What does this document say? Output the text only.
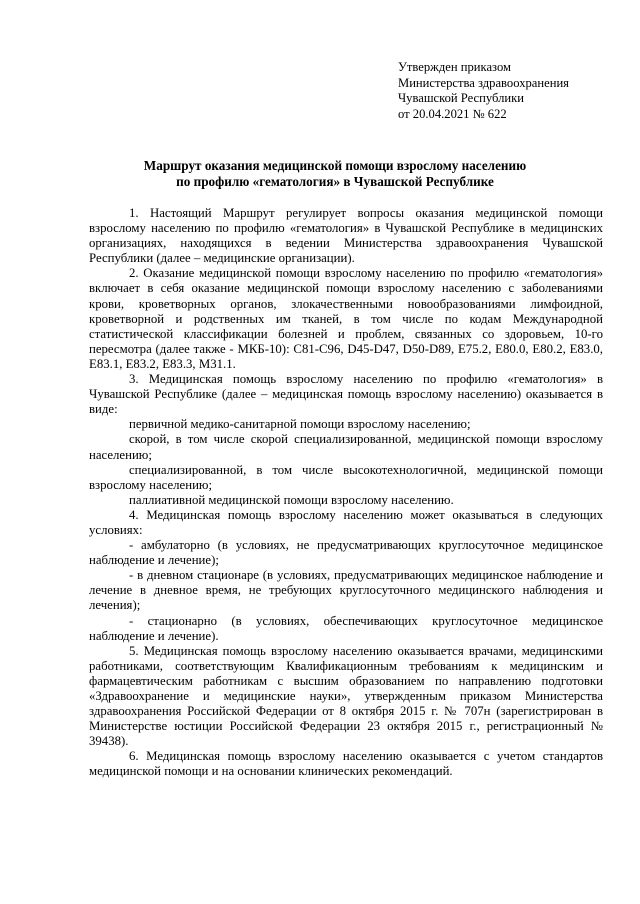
Утвержден приказом
Министерства здравоохранения
Чувашской Республики
от 20.04.2021 № 622
Маршрут оказания медицинской помощи взрослому населению
по профилю «гематология» в Чувашской Республике

1. Настоящий Маршрут регулирует вопросы оказания медицинской помощи взрослому населению по профилю «гематология» в Чувашской Республике в медицинских организациях, находящихся в ведении Министерства здравоохранения Чувашской Республики (далее – медицинские организации).

2. Оказание медицинской помощи взрослому населению по профилю «гематология» включает в себя оказание медицинской помощи взрослому населению с заболеваниями крови, кроветворных органов, злокачественными новообразованиями лимфоидной, кроветворной и родственных им тканей, в том числе по кодам Международной статистической классификации болезней и проблем, связанных со здоровьем, 10-го пересмотра (далее также - МКБ-10): C81-C96, D45-D47, D50-D89, E75.2, E80.0, E80.2, E83.0, E83.1, E83.2, E83.3, M31.1.

3. Медицинская помощь взрослому населению по профилю «гематология» в Чувашской Республике (далее – медицинская помощь взрослому населению) оказывается в виде:

первичной медико-санитарной помощи взрослому населению;

скорой, в том числе скорой специализированной, медицинской помощи взрослому населению;

специализированной, в том числе высокотехнологичной, медицинской помощи взрослому населению;

паллиативной медицинской помощи взрослому населению.

4. Медицинская помощь взрослому населению может оказываться в следующих условиях:

- амбулаторно (в условиях, не предусматривающих круглосуточное медицинское наблюдение и лечение);

- в дневном стационаре (в условиях, предусматривающих медицинское наблюдение и лечение в дневное время, не требующих круглосуточного медицинского наблюдения и лечения);

- стационарно (в условиях, обеспечивающих круглосуточное медицинское наблюдение и лечение).

5. Медицинская помощь взрослому населению оказывается врачами, медицинскими работниками, соответствующим Квалификационным требованиям к медицинским и фармацевтическим работникам с высшим образованием по направлению подготовки «Здравоохранение и медицинские науки», утвержденным приказом Министерства здравоохранения Российской Федерации от 8 октября 2015 г. № 707н (зарегистрирован в Министерстве юстиции Российской Федерации 23 октября 2015 г., регистрационный № 39438).

6. Медицинская помощь взрослому населению оказывается с учетом стандартов медицинской помощи и на основании клинических рекомендаций.
